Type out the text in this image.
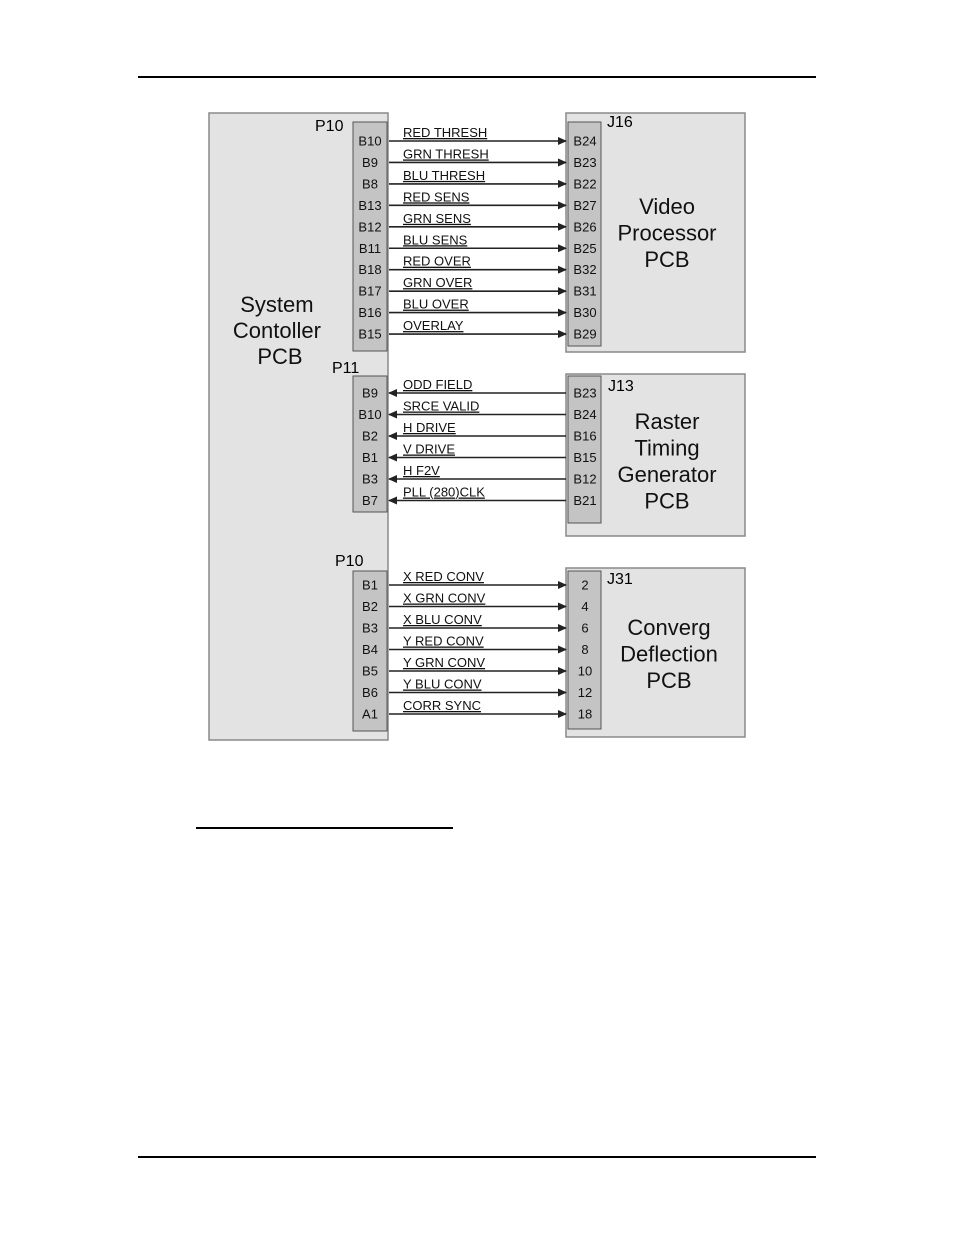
System Contoller PCB
P10	J16
Video
Processor
PCB
B10	B24
RED THRESH
B9	B23
GRN THRESH
B8	B22
BLU THRESH
B13	B27
RED SENS
B12	B26
GRN SENS
B11	B25
BLU SENS
B18	B32
RED OVER
B17	B31
GRN OVER
B16	B30
BLU OVER
B15	B29
OVERLAY
P11
J13
Raster
Timing
Generator
PCB
B9	B23
ODD FIELD
B10	B24
SRCE VALID
B2	B16
H DRIVE
B1	B15
V DRIVE
B3	B12
H F2V
B7	B21
PLL (280)CLK
P10
J31
Converg
Deflection
PCB
B1	2
X RED CONV
B2	4
X GRN CONV
B3	6
X BLU CONV
B4	8
Y RED CONV
B5	10
Y GRN CONV
B6	12
Y BLU CONV
A1	18
CORR SYNC
